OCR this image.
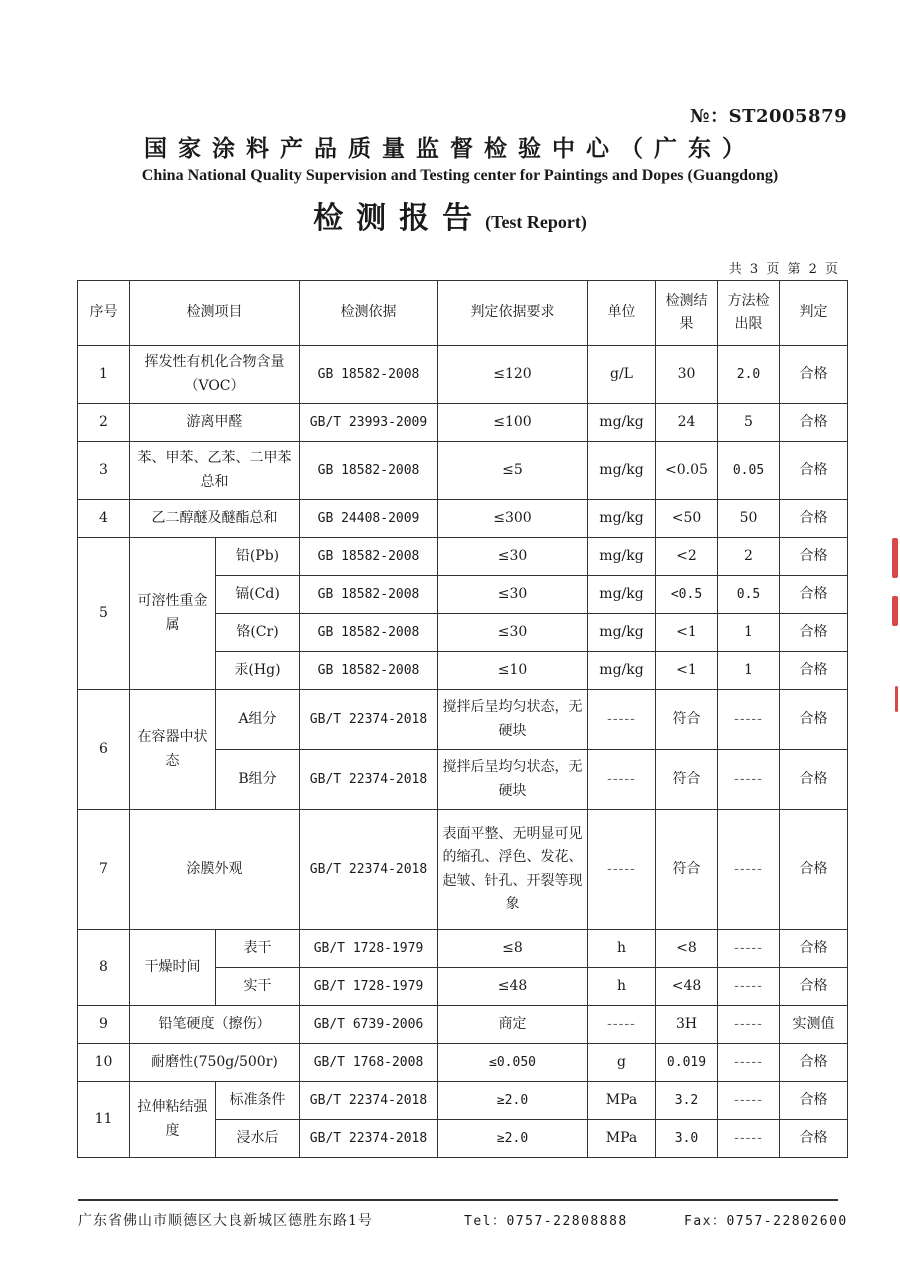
№：ST2005879
国家涂料产品质量监督检验中心（广东）
China National Quality Supervision and Testing center for Paintings and Dopes (Guangdong)
检测报告(Test Report)
共 3 页 第 2 页
序号	检测项目		检测依据	判定依据要求	单位	检测结果	方法检出限	判定
1	挥发性有机化合物含量（VOC）		GB 18582-2008	≤120	g/L	30	2.0	合格
2	游离甲醛		GB/T 23993-2009	≤100	mg/kg	24	5	合格
3	苯、甲苯、乙苯、二甲苯总和		GB 18582-2008	≤5	mg/kg	<0.05	0.05	合格
4	乙二醇醚及醚酯总和		GB 24408-2009	≤300	mg/kg	<50	50	合格
5	可溶性重金属	铅(Pb)	GB 18582-2008	≤30	mg/kg	<2	2	合格
		镉(Cd)	GB 18582-2008	≤30	mg/kg	<0.5	0.5	合格
		铬(Cr)	GB 18582-2008	≤30	mg/kg	<1	1	合格
		汞(Hg)	GB 18582-2008	≤10	mg/kg	<1	1	合格
6	在容器中状态	A组分	GB/T 22374-2018	搅拌后呈均匀状态，无硬块	-----	符合	-----	合格
		B组分	GB/T 22374-2018	搅拌后呈均匀状态，无硬块	-----	符合	-----	合格
7	涂膜外观		GB/T 22374-2018	表面平整、无明显可见的缩孔、浮色、发花、起皱、针孔、开裂等现象	-----	符合	-----	合格
8	干燥时间	表干	GB/T 1728-1979	≤8	h	<8	-----	合格
		实干	GB/T 1728-1979	≤48	h	<48	-----	合格
9	铅笔硬度（擦伤）		GB/T 6739-2006	商定	-----	3H	-----	实测值
10	耐磨性(750g/500r)		GB/T 1768-2008	≤0.050	g	0.019	-----	合格
11	拉伸粘结强度	标准条件	GB/T 22374-2018	≥2.0	MPa	3.2	-----	合格
		浸水后	GB/T 22374-2018	≥2.0	MPa	3.0	-----	合格
广东省佛山市顺德区大良新城区德胜东路1号	Tel：0757-22808888	Fax：0757-22802600
